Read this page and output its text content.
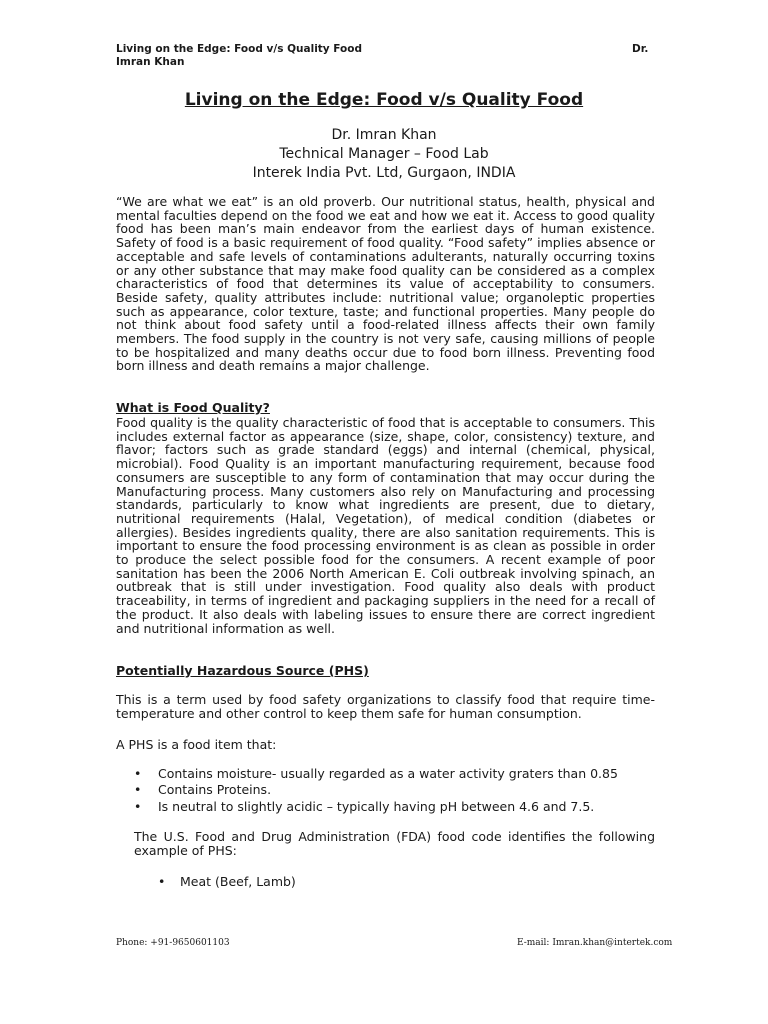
Living on the Edge: Food v/s Quality Food	Dr.
Imran Khan
Living on the Edge: Food v/s Quality Food
Dr. Imran Khan
Technical Manager – Food Lab
Interek India Pvt. Ltd, Gurgaon, INDIA
“We are what we eat” is an old proverb. Our nutritional status, health, physical and mental faculties depend on the food we eat and how we eat it. Access to good quality food has been man’s main endeavor from the earliest days of human existence. Safety of food is a basic requirement of food quality. “Food safety” implies absence or acceptable and safe levels of contaminations adulterants, naturally occurring toxins or any other substance that may make food quality can be considered as a complex characteristics of food that determines its value of acceptability to consumers. Beside safety, quality attributes include: nutritional value; organoleptic properties such as appearance, color texture, taste; and functional properties. Many people do not think about food safety until a food-related illness affects their own family members. The food supply in the country is not very safe, causing millions of people to be hospitalized and many deaths occur due to food born illness. Preventing food born illness and death remains a major challenge.
What is Food Quality?
Food quality is the quality characteristic of food that is acceptable to consumers. This includes external factor as appearance (size, shape, color, consistency) texture, and flavor; factors such as grade standard (eggs) and internal (chemical, physical, microbial). Food Quality is an important manufacturing requirement, because food consumers are susceptible to any form of contamination that may occur during the Manufacturing process. Many customers also rely on Manufacturing and processing standards, particularly to know what ingredients are present, due to dietary, nutritional requirements (Halal, Vegetation), of medical condition (diabetes or allergies). Besides ingredients quality, there are also sanitation requirements. This is important to ensure the food processing environment is as clean as possible in order to produce the select possible food for the consumers. A recent example of poor sanitation has been the 2006 North American E. Coli outbreak involving spinach, an outbreak that is still under investigation. Food quality also deals with product traceability, in terms of ingredient and packaging suppliers in the need for a recall of the product. It also deals with labeling issues to ensure there are correct ingredient and nutritional information as well.
Potentially Hazardous Source (PHS)
This is a term used by food safety organizations to classify food that require time-temperature and other control to keep them safe for human consumption.
A PHS is a food item that:
• Contains moisture- usually regarded as a water activity graters than 0.85
• Contains Proteins.
• Is neutral to slightly acidic – typically having pH between 4.6 and 7.5.
The U.S. Food and Drug Administration (FDA) food code identifies the following example of PHS:
• Meat (Beef, Lamb)
Phone: +91-9650601103	E-mail: Imran.khan@intertek.com
